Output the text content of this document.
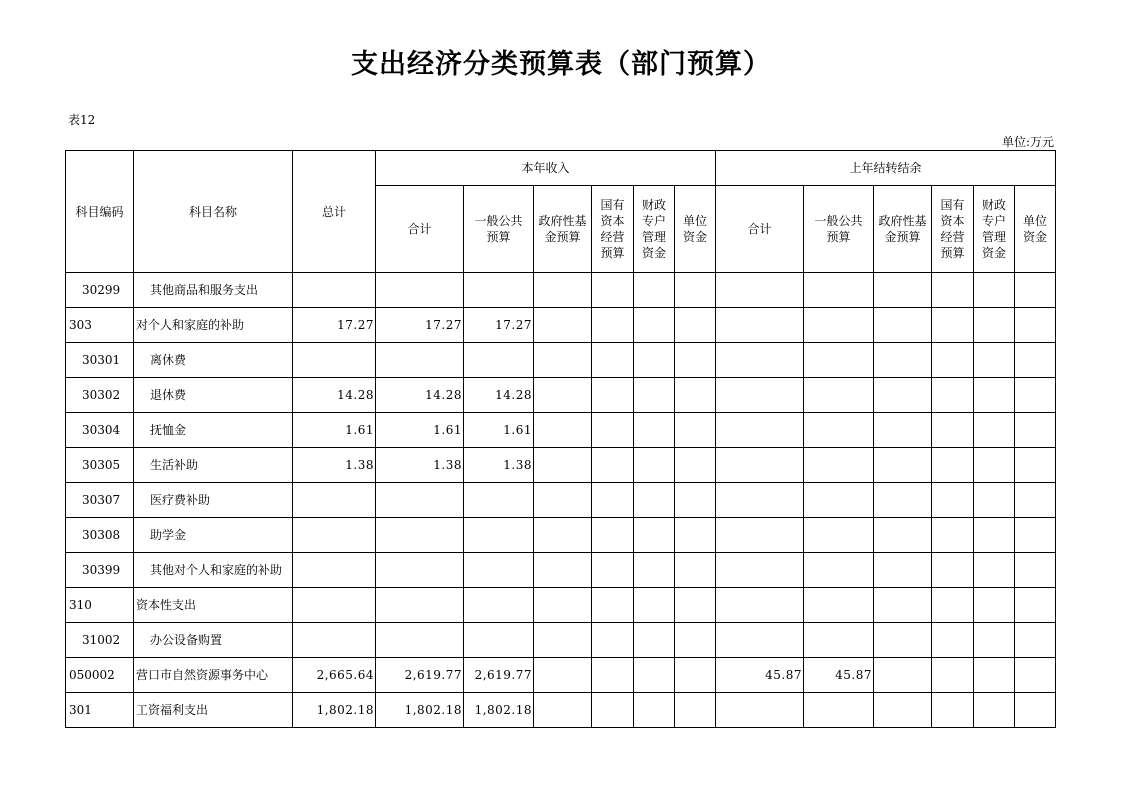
支出经济分类预算表（部门预算）
表12
单位:万元
科目编码	科目名称	总计	本年收入						上年结转结余					
			合计	一般公共预算	政府性基金预算	国有资本经营预算	财政专户管理资金	单位资金	合计	一般公共预算	政府性基金预算	国有资本经营预算	财政专户管理资金	单位资金
30299	其他商品和服务支出													
303	对个人和家庭的补助	17.27	17.27	17.27										
30301	离休费													
30302	退休费	14.28	14.28	14.28										
30304	抚恤金	1.61	1.61	1.61										
30305	生活补助	1.38	1.38	1.38										
30307	医疗费补助													
30308	助学金													
30399	其他对个人和家庭的补助													
310	资本性支出													
31002	办公设备购置													
050002	营口市自然资源事务中心	2,665.64	2,619.77	2,619.77					45.87	45.87				
301	工资福利支出	1,802.18	1,802.18	1,802.18										
